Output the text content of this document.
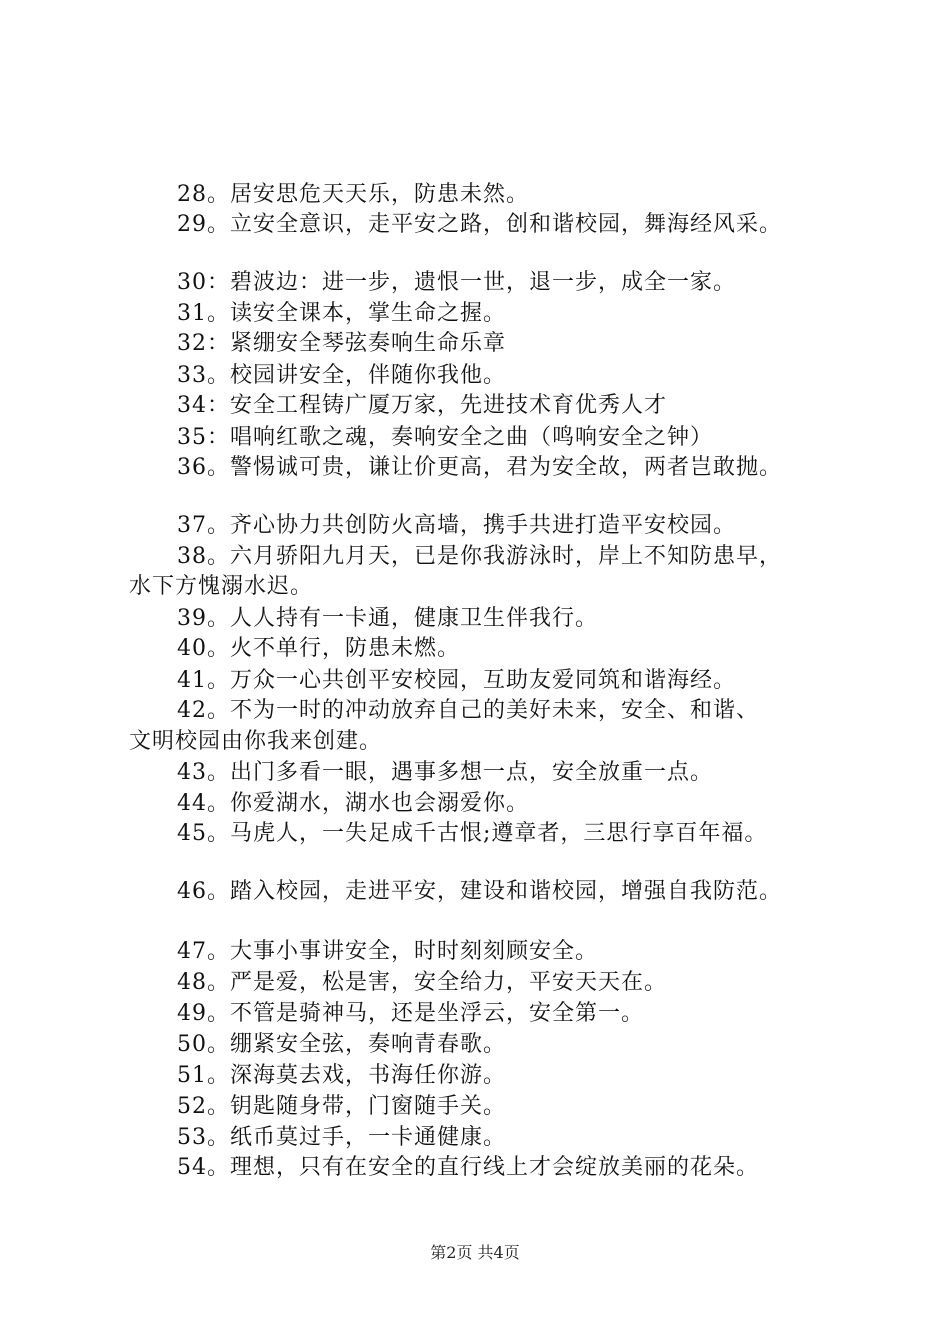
28。居安思危天天乐，防患未然。
29。立安全意识，走平安之路，创和谐校园，舞海经风采。
30：碧波边：进一步，遗恨一世，退一步，成全一家。
31。读安全课本，掌生命之握。
32：紧绷安全琴弦奏响生命乐章
33。校园讲安全，伴随你我他。
34：安全工程铸广厦万家，先进技术育优秀人才
35：唱响红歌之魂，奏响安全之曲（鸣响安全之钟）
36。警惕诚可贵，谦让价更高，君为安全故，两者岂敢抛。
37。齐心协力共创防火高墙，携手共进打造平安校园。
38。六月骄阳九月天，已是你我游泳时，岸上不知防患早，
水下方愧溺水迟。
39。人人持有一卡通，健康卫生伴我行。
40。火不单行，防患未燃。
41。万众一心共创平安校园，互助友爱同筑和谐海经。
42。不为一时的冲动放弃自己的美好未来，安全、和谐、
文明校园由你我来创建。
43。出门多看一眼，遇事多想一点，安全放重一点。
44。你爱湖水，湖水也会溺爱你。
45。马虎人，一失足成千古恨;遵章者，三思行享百年福。
46。踏入校园，走进平安，建设和谐校园，增强自我防范。
47。大事小事讲安全，时时刻刻顾安全。
48。严是爱，松是害，安全给力，平安天天在。
49。不管是骑神马，还是坐浮云，安全第一。
50。绷紧安全弦，奏响青春歌。
51。深海莫去戏，书海任你游。
52。钥匙随身带，门窗随手关。
53。纸币莫过手，一卡通健康。
54。理想，只有在安全的直行线上才会绽放美丽的花朵。
第2页 共4页
